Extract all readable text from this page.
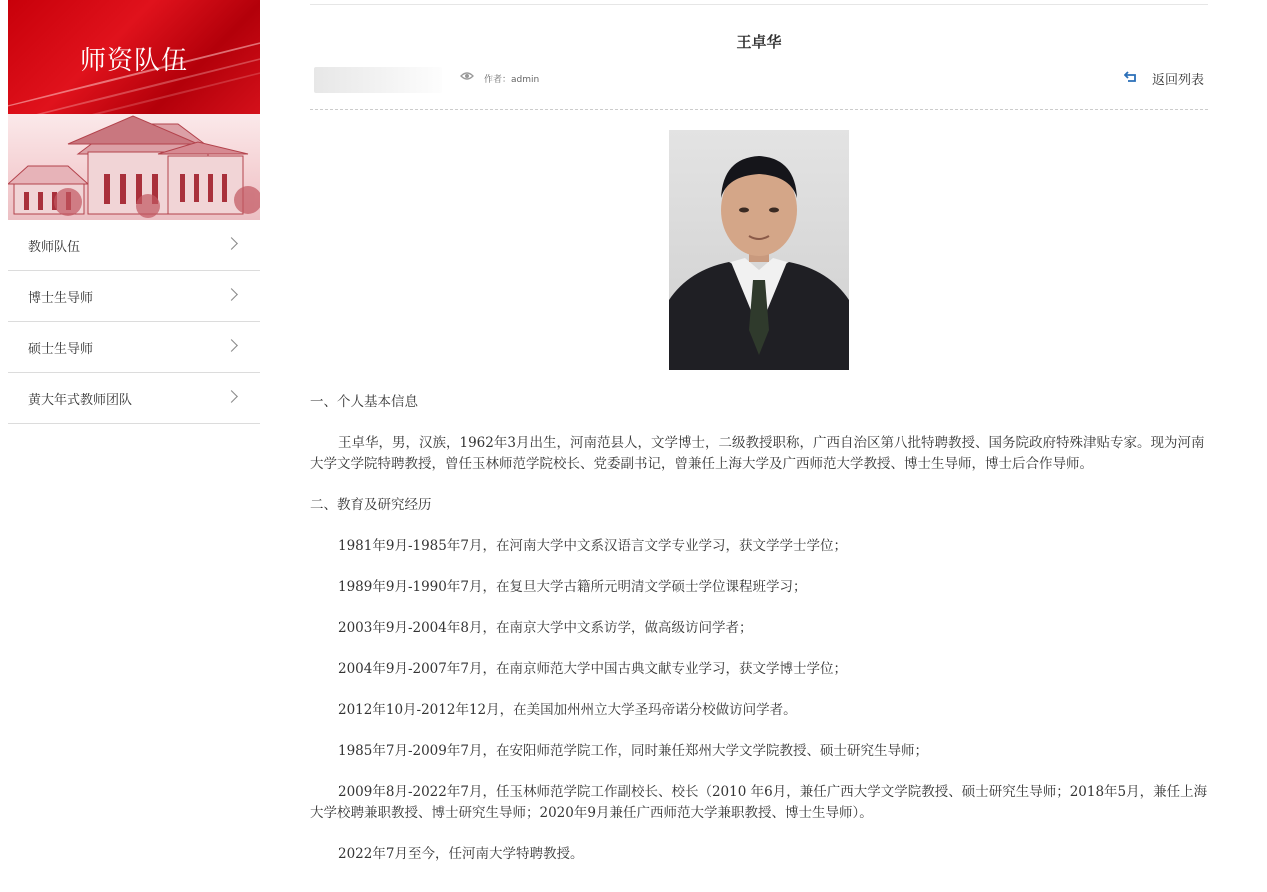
师资队伍
教师队伍
博士生导师
硕士生导师
黄大年式教师团队
王卓华
作者：admin	返回列表

一、个人基本信息

王卓华，男，汉族，1962年3月出生，河南范县人，文学博士，二级教授职称，广西自治区第八批特聘教授、国务院政府特殊津贴专家。现为河南大学文学院特聘教授，曾任玉林师范学院校长、党委副书记，曾兼任上海大学及广西师范大学教授、博士生导师，博士后合作导师。

二、教育及研究经历

1981年9月-1985年7月，在河南大学中文系汉语言文学专业学习，获文学学士学位；

1989年9月-1990年7月，在复旦大学古籍所元明清文学硕士学位课程班学习；

2003年9月-2004年8月，在南京大学中文系访学，做高级访问学者；

2004年9月-2007年7月，在南京师范大学中国古典文献专业学习，获文学博士学位；

2012年10月-2012年12月，在美国加州州立大学圣玛帝诺分校做访问学者。

1985年7月-2009年7月，在安阳师范学院工作，同时兼任郑州大学文学院教授、硕士研究生导师；

2009年8月-2022年7月，任玉林师范学院工作副校长、校长（2010 年6月，兼任广西大学文学院教授、硕士研究生导师；2018年5月，兼任上海大学校聘兼职教授、博士研究生导师；2020年9月兼任广西师范大学兼职教授、博士生导师）。

2022年7月至今，任河南大学特聘教授。
